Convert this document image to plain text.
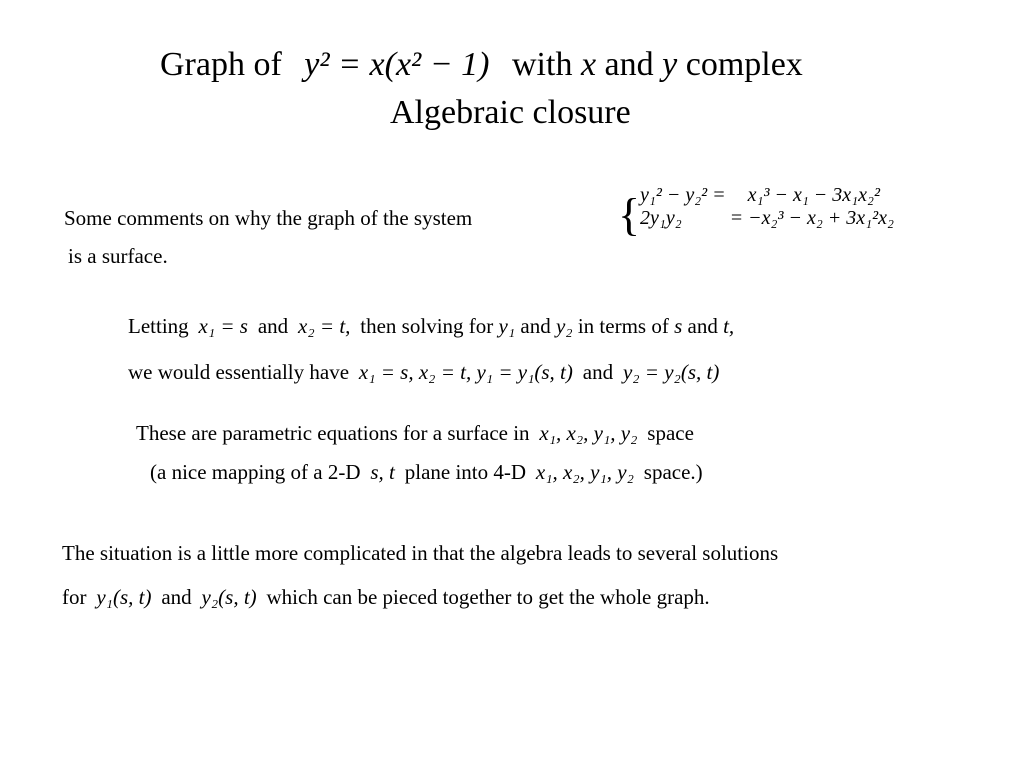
Graph of y² = x(x² − 1) with x and y complex
Algebraic closure
Some comments on why the graph of the system
is a surface.
{ y₁² − y₂² =	x₁³ − x₁ − 3x₁x₂²
2y₁y₂	= −x₂³ − x₂ + 3x₁²x₂
Letting x₁ = s and x₂ = t, then solving for y₁ and y₂ in terms of s and t,
we would essentially have x₁ = s, x₂ = t, y₁ = y₁(s, t) and y₂ = y₂(s, t)
These are parametric equations for a surface in x₁, x₂, y₁, y₂ space
(a nice mapping of a 2-D s, t plane into 4-D x₁, x₂, y₁, y₂ space.)
The situation is a little more complicated in that the algebra leads to several solutions
for y₁(s, t) and y₂(s, t) which can be pieced together to get the whole graph.
